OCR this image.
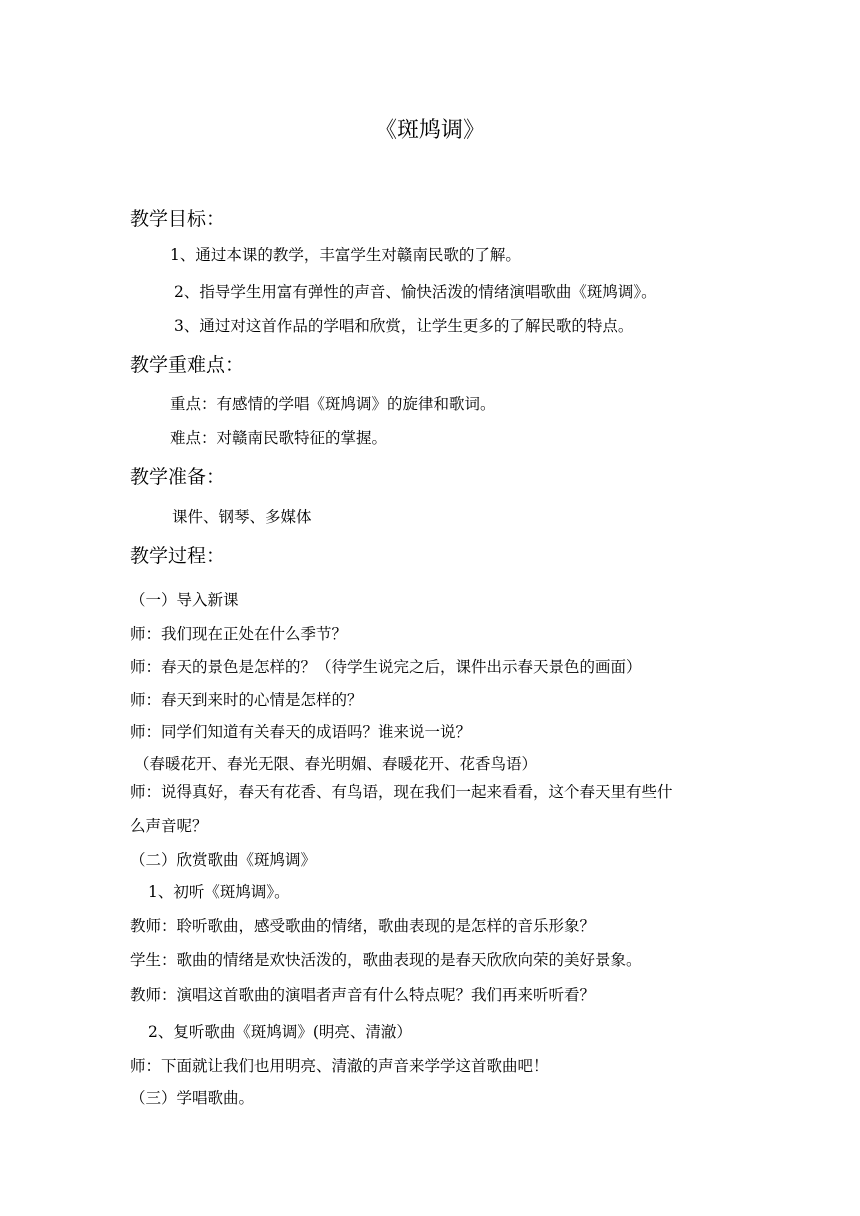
《斑鸠调》
教学目标：
1、通过本课的教学，丰富学生对赣南民歌的了解。
2、指导学生用富有弹性的声音、愉快活泼的情绪演唱歌曲《斑鸠调》。
3、通过对这首作品的学唱和欣赏，让学生更多的了解民歌的特点。
教学重难点：
重点：有感情的学唱《斑鸠调》的旋律和歌词。
难点：对赣南民歌特征的掌握。
教学准备：
课件、钢琴、多媒体
教学过程：
（一）导入新课
师：我们现在正处在什么季节？
师：春天的景色是怎样的？（待学生说完之后，课件出示春天景色的画面）
师：春天到来时的心情是怎样的？
师：同学们知道有关春天的成语吗？谁来说一说？
（春暖花开、春光无限、春光明媚、春暖花开、花香鸟语）
师：说得真好，春天有花香、有鸟语，现在我们一起来看看，这个春天里有些什
么声音呢？
（二）欣赏歌曲《斑鸠调》
1、初听《斑鸠调》。
教师：聆听歌曲，感受歌曲的情绪，歌曲表现的是怎样的音乐形象？
学生：歌曲的情绪是欢快活泼的，歌曲表现的是春天欣欣向荣的美好景象。
教师：演唱这首歌曲的演唱者声音有什么特点呢？我们再来听听看？
2、复听歌曲《斑鸠调》(明亮、清澈）
师：下面就让我们也用明亮、清澈的声音来学学这首歌曲吧！
（三）学唱歌曲。
